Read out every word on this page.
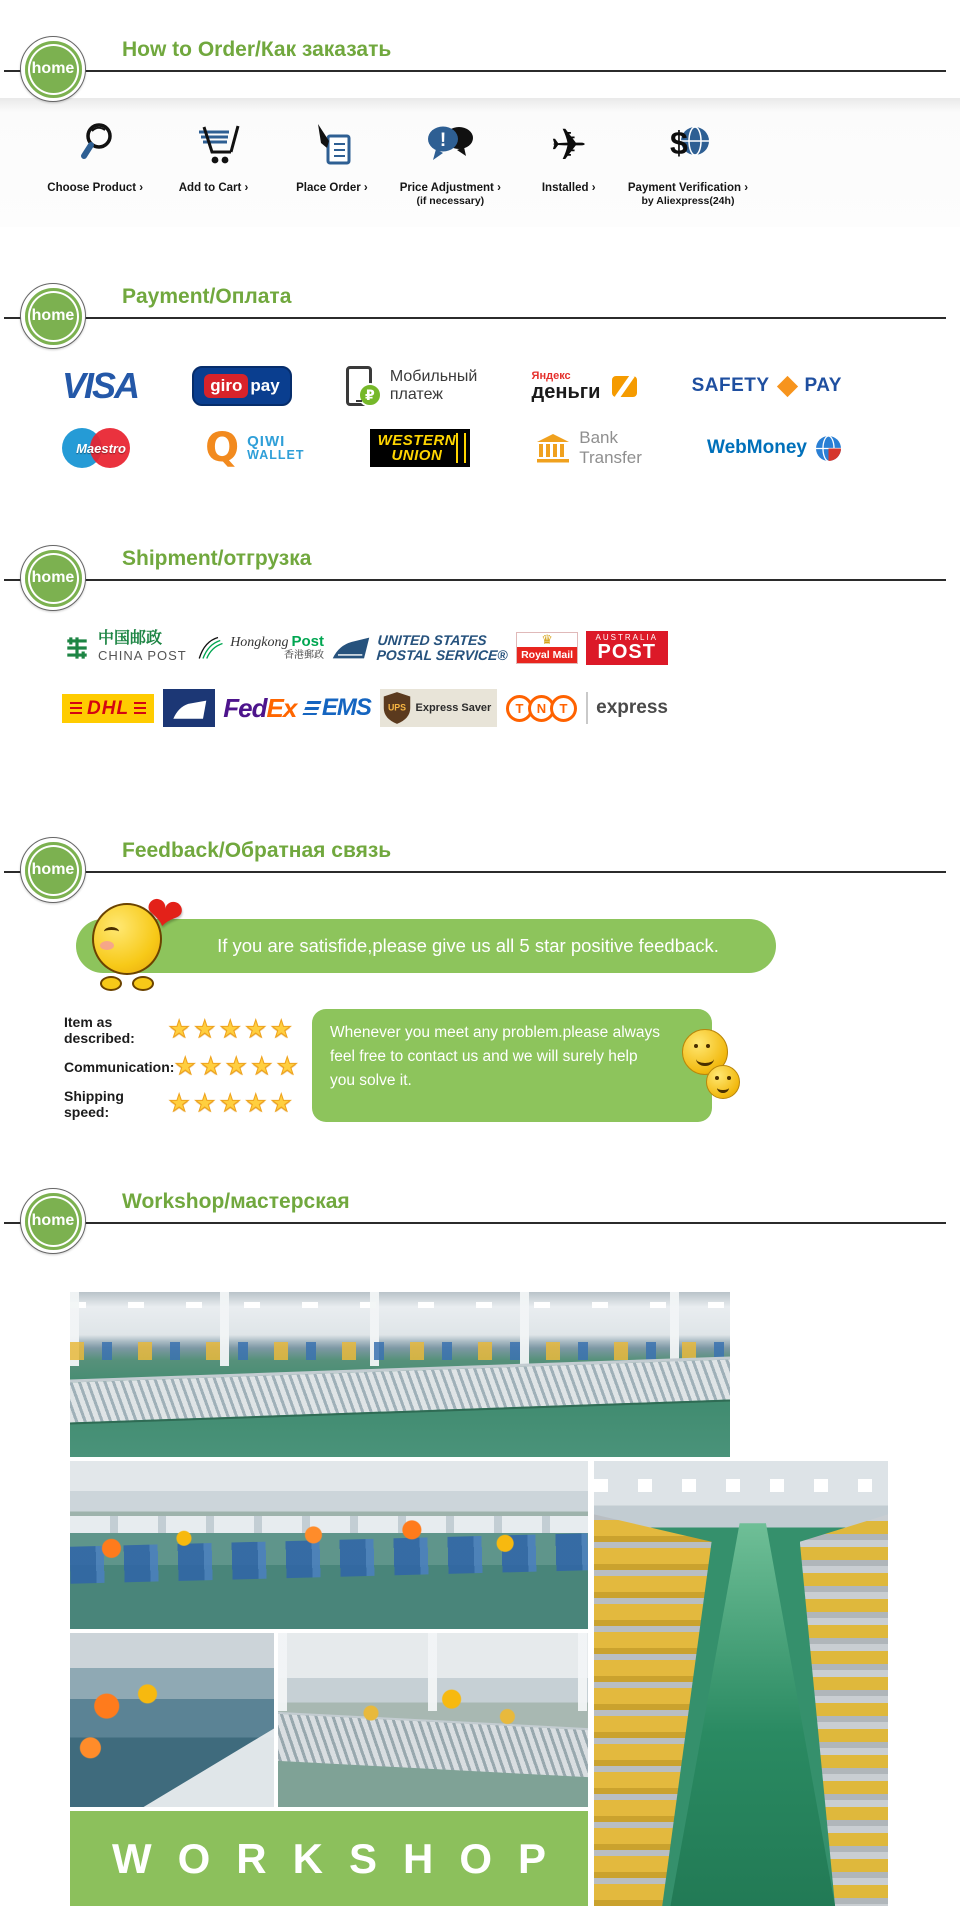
home
How to Order/Как заказать
Choose Product ›	Add to Cart ›	Place Order ›
!
Price Adjustment ›
(if necessary)
✈
Installed ›
$
Payment Verification ›
by Aliexpress(24h)
home
Payment/Оплата
VISA	giro pay	₽
Мобильный
платеж
Яндекс
деньги	SAFETY PAY
Maestro	Q QIWI
WALLET
WESTERN
UNION
Bank
Transfer	WebMoney
home
Shipment/отгрузка
中国邮政
CHINA POST
Hongkong Post
香港郵政
UNITED STATES
POSTAL SERVICE®
♛
Royal Mail
AUSTRALIA
POST
DHL	FedEx EMS UPS Express Saver	T	N	T	express
home
Feedback/Обратная связь
If you are satisfide,please give us all 5 star positive feedback.
❤
Item as described:	★★★★★
Communication: ★★★★★
Shipping speed:	★★★★★
Whenever you meet any problem.please always feel free to contact us and we will surely help you solve it.
home
Workshop/мастерская
WORKSHOP
